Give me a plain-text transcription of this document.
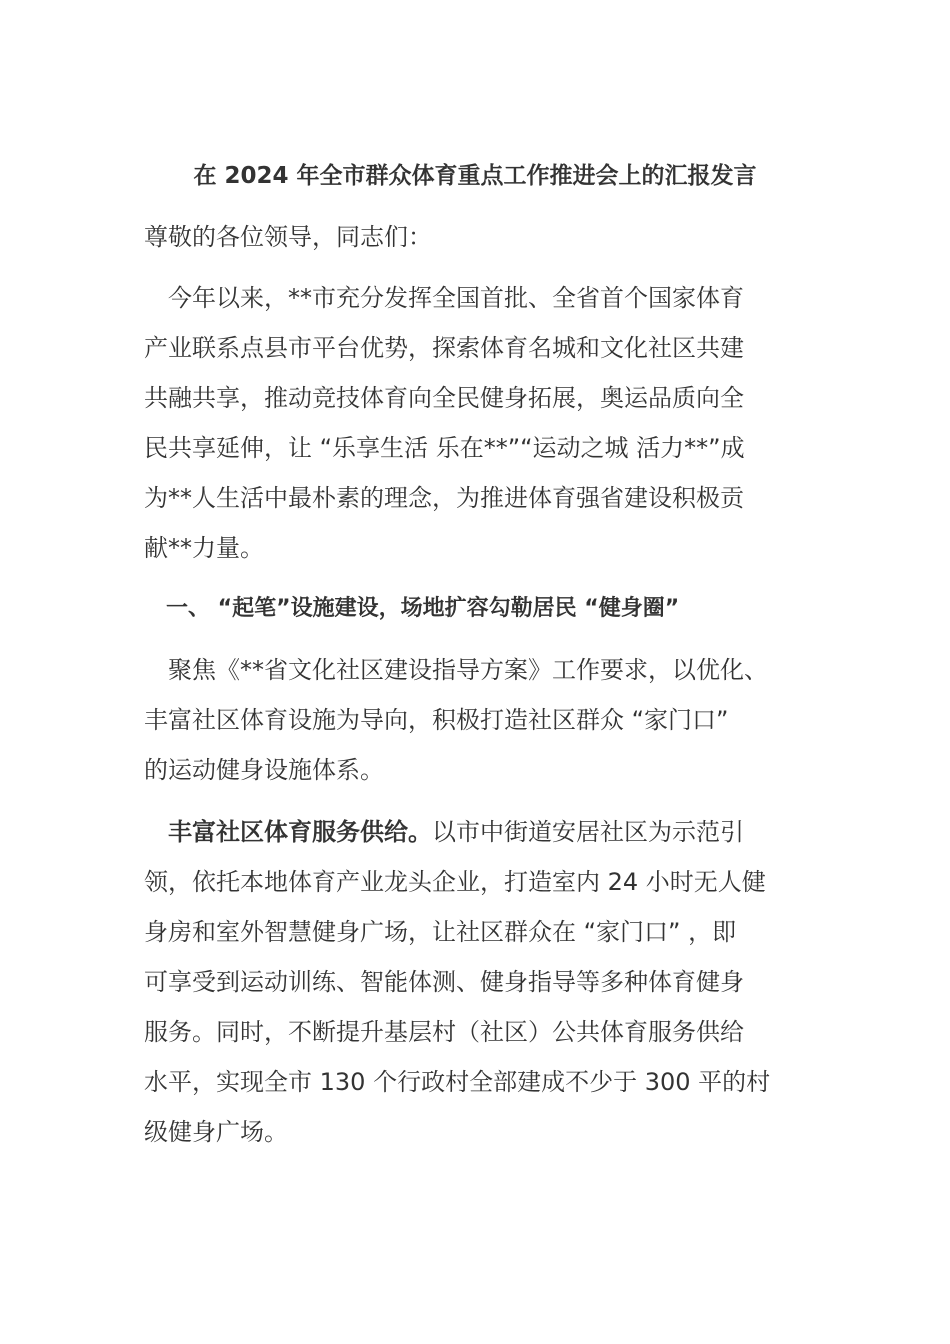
在 2024 年全市群众体育重点工作推进会上的汇报发言
尊敬的各位领导，同志们：
　今年以来，**市充分发挥全国首批、全省首个国家体育
产业联系点县市平台优势，探索体育名城和文化社区共建
共融共享，推动竞技体育向全民健身拓展，奥运品质向全
民共享延伸，让 “乐享生活 乐在**”“运动之城 活力**”成
为**人生活中最朴素的理念，为推进体育强省建设积极贡
献**力量。
　一、 “起笔”设施建设，场地扩容勾勒居民 “健身圈”
　聚焦《**省文化社区建设指导方案》工作要求，以优化、
丰富社区体育设施为导向，积极打造社区群众 “家门口”
的运动健身设施体系。
　丰富社区体育服务供给。以市中街道安居社区为示范引
领，依托本地体育产业龙头企业，打造室内 24 小时无人健
身房和室外智慧健身广场，让社区群众在 “家门口” ，即
可享受到运动训练、智能体测、健身指导等多种体育健身
服务。同时，不断提升基层村（社区）公共体育服务供给
水平，实现全市 130 个行政村全部建成不少于 300 平的村
级健身广场。
